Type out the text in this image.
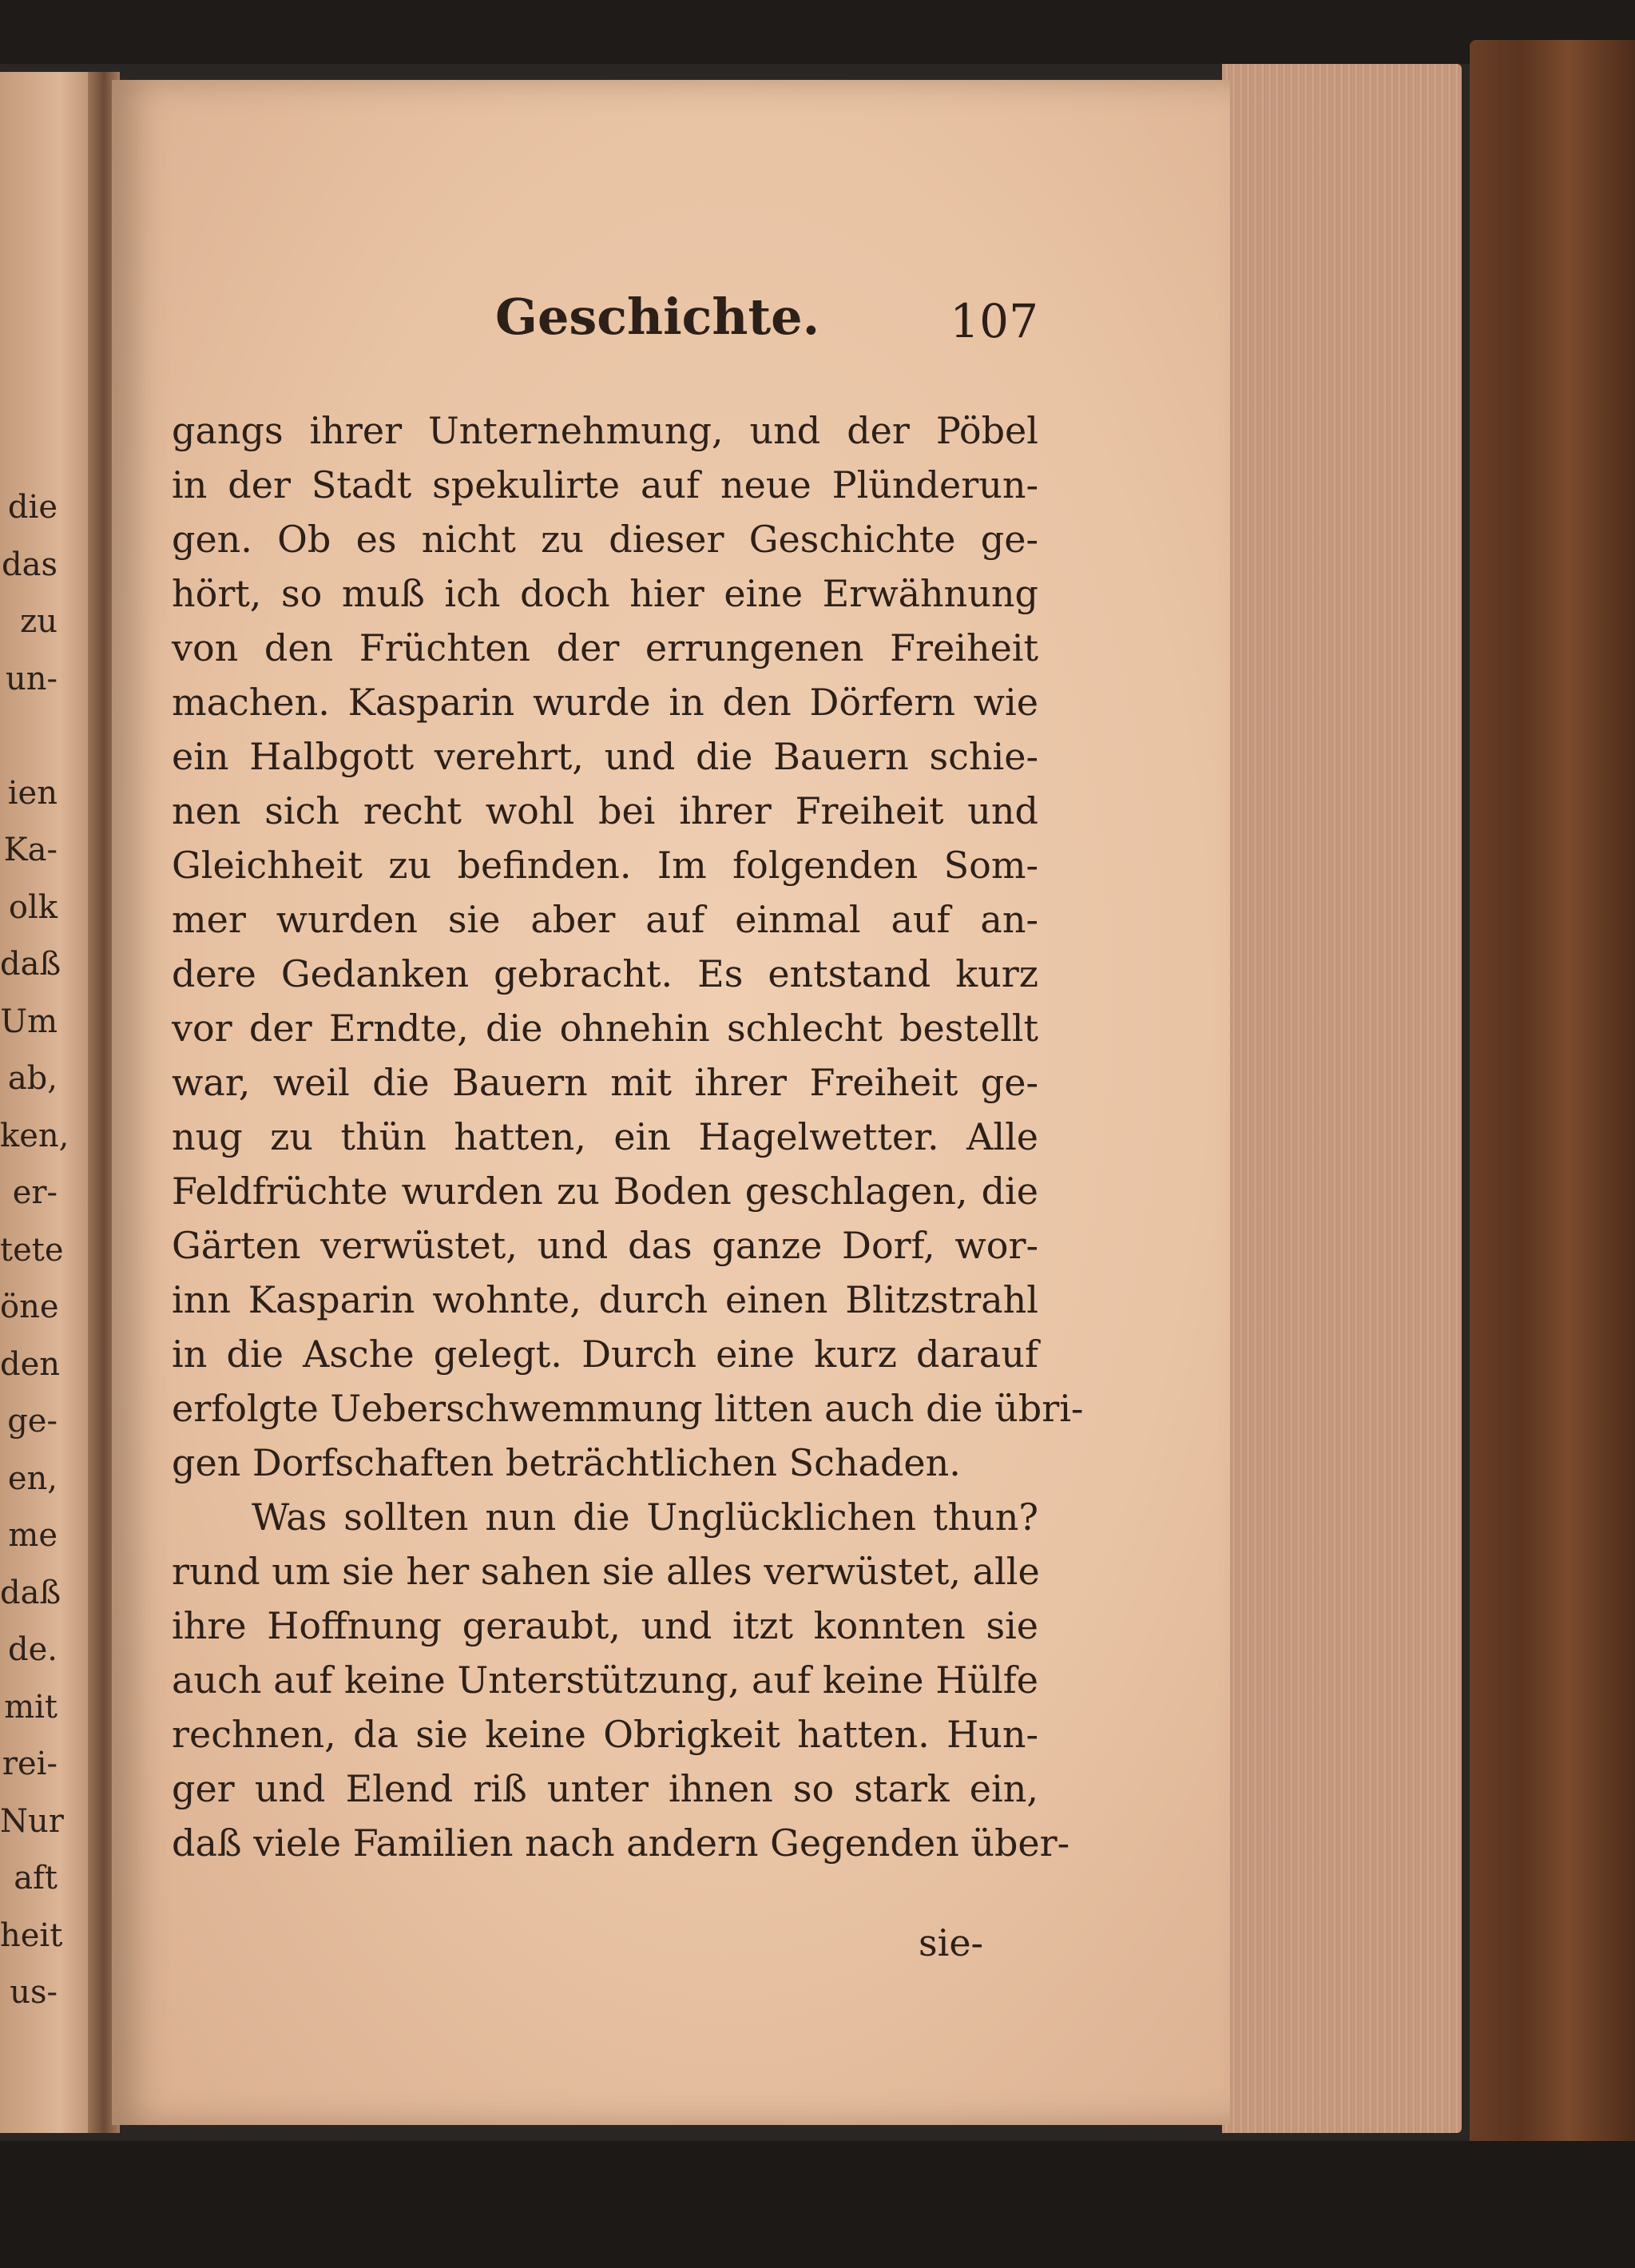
die
das
zu
un-
ien
Ka-
olk
daß
Um
ab,
ken,
er-
tete
öne
den
ge-
en,
me
daß
de.
mit
rei-
Nur
aft
heit
us-
Geschichte.	107
gangs ihrer Unternehmung, und der Pöbel
in der Stadt spekulirte auf neue Plünderun-
gen. Ob es nicht zu dieser Geschichte ge-
hört, so muß ich doch hier eine Erwähnung
von den Früchten der errungenen Freiheit
machen. Kasparin wurde in den Dörfern wie
ein Halbgott verehrt, und die Bauern schie-
nen sich recht wohl bei ihrer Freiheit und
Gleichheit zu befinden. Im folgenden Som-
mer wurden sie aber auf einmal auf an-
dere Gedanken gebracht. Es entstand kurz
vor der Erndte, die ohnehin schlecht bestellt
war, weil die Bauern mit ihrer Freiheit ge-
nug zu thün hatten, ein Hagelwetter. Alle
Feldfrüchte wurden zu Boden geschlagen, die
Gärten verwüstet, und das ganze Dorf, wor-
inn Kasparin wohnte, durch einen Blitzstrahl
in die Asche gelegt. Durch eine kurz darauf
erfolgte Ueberschwemmung litten auch die übri-
gen Dorfschaften beträchtlichen Schaden.
Was sollten nun die Unglücklichen thun?
rund um sie her sahen sie alles verwüstet, alle
ihre Hoffnung geraubt, und itzt konnten sie
auch auf keine Unterstützung, auf keine Hülfe
rechnen, da sie keine Obrigkeit hatten. Hun-
ger und Elend riß unter ihnen so stark ein,
daß viele Familien nach andern Gegenden über-
sie-
